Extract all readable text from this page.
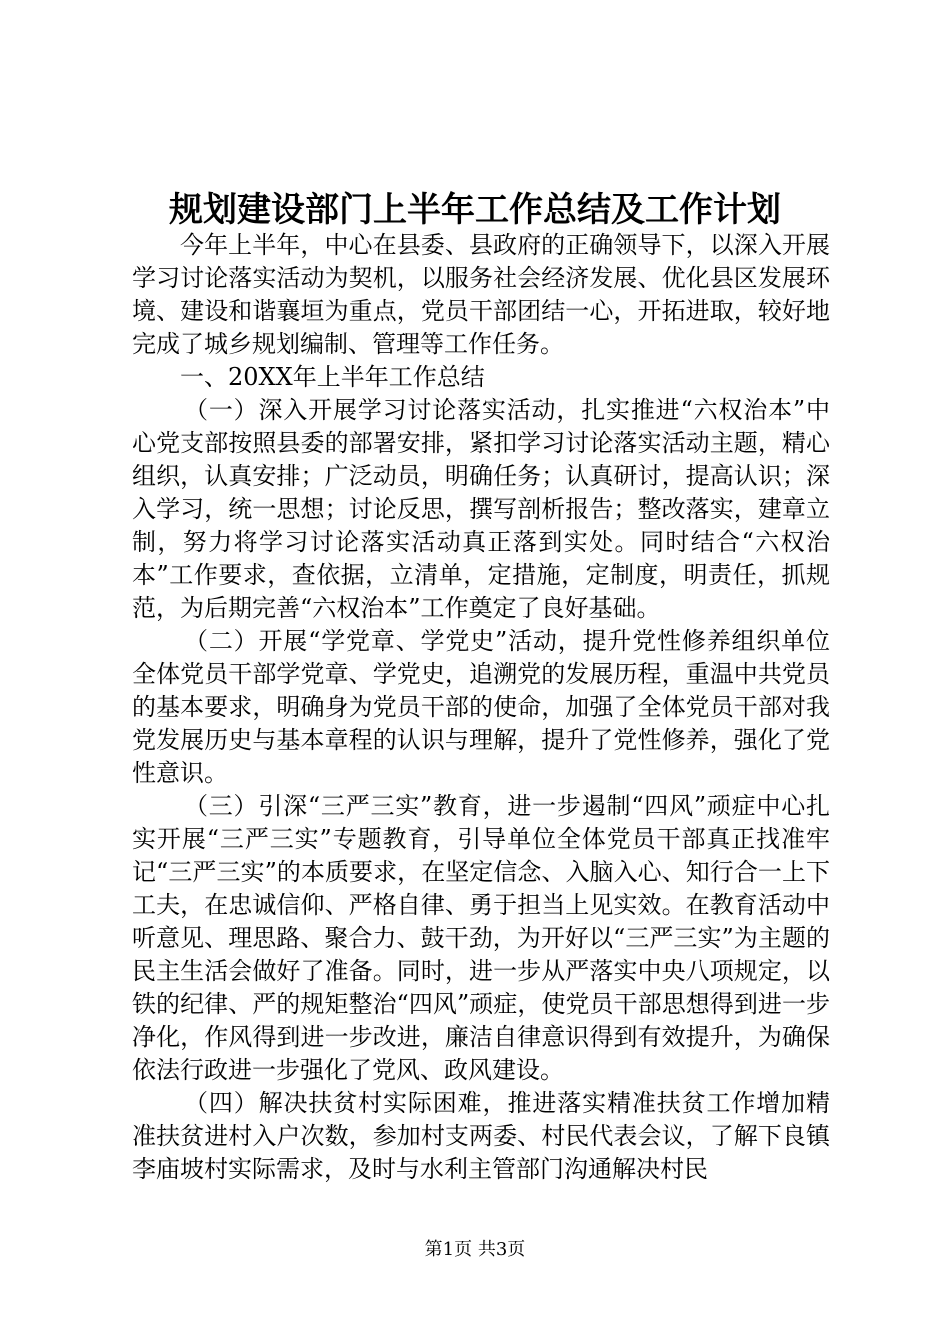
规划建设部门上半年工作总结及工作计划

今年上半年，中心在县委、县政府的正确领导下，以深入开展学习讨论落实活动为契机，以服务社会经济发展、优化县区发展环境、建设和谐襄垣为重点，党员干部团结一心，开拓进取，较好地完成了城乡规划编制、管理等工作任务。

一、20XX年上半年工作总结

（一）深入开展学习讨论落实活动，扎实推进“六权治本”中心党支部按照县委的部署安排，紧扣学习讨论落实活动主题，精心组织，认真安排；广泛动员，明确任务；认真研讨，提高认识；深入学习，统一思想；讨论反思，撰写剖析报告；整改落实，建章立制，努力将学习讨论落实活动真正落到实处。同时结合“六权治本”工作要求，查依据，立清单，定措施，定制度，明责任，抓规范，为后期完善“六权治本”工作奠定了良好基础。

（二）开展“学党章、学党史”活动，提升党性修养组织单位全体党员干部学党章、学党史，追溯党的发展历程，重温中共党员的基本要求，明确身为党员干部的使命，加强了全体党员干部对我党发展历史与基本章程的认识与理解，提升了党性修养，强化了党性意识。

（三）引深“三严三实”教育，进一步遏制“四风”顽症中心扎实开展“三严三实”专题教育，引导单位全体党员干部真正找准牢记“三严三实”的本质要求，在坚定信念、入脑入心、知行合一上下工夫，在忠诚信仰、严格自律、勇于担当上见实效。在教育活动中听意见、理思路、聚合力、鼓干劲，为开好以“三严三实”为主题的民主生活会做好了准备。同时，进一步从严落实中央八项规定，以铁的纪律、严的规矩整治“四风”顽症，使党员干部思想得到进一步净化，作风得到进一步改进，廉洁自律意识得到有效提升，为确保依法行政进一步强化了党风、政风建设。

（四）解决扶贫村实际困难，推进落实精准扶贫工作增加精准扶贫进村入户次数，参加村支两委、村民代表会议，了解下良镇李庙坡村实际需求，及时与水利主管部门沟通解决村民

第1页 共3页
